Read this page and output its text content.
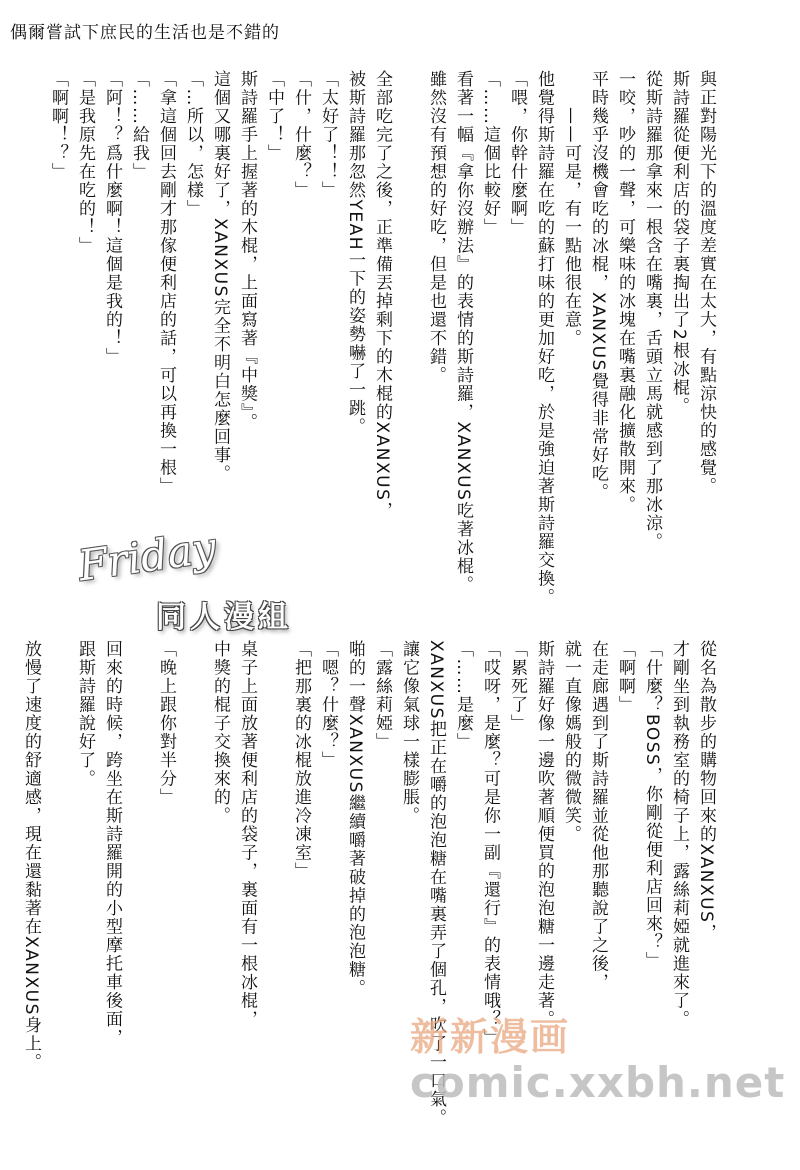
偶爾嘗試下庶民的生活也是不錯的
與正對陽光下的溫度差實在太大，有點涼快的感覺。
斯詩羅從便利店的袋子裏掏出了2根冰棍。
從斯詩羅那拿來一根含在嘴裏，舌頭立馬就感到了那冰涼。
一咬，吵的一聲，可樂味的冰塊在嘴裏融化擴散開來。
平時幾乎沒機會吃的冰棍，XANXUS覺得非常好吃。
　　——可是，有一點他很在意。
他覺得斯詩羅在吃的蘇打味的更加好吃，於是強迫著斯詩羅交換。
「喂，你幹什麼啊」
「……這個比較好」
看著一幅『拿你沒辦法』的表情的斯詩羅，XANXUS吃著冰棍。
雖然沒有預想的好吃，但是也還不錯。
全部吃完了之後，正準備丟掉剩下的木棍的XANXUS，
被斯詩羅那忽然YEAH一下的姿勢嚇了一跳。
「太好了！！」
「什，什麼？」
「中了！」
斯詩羅手上握著的木棍，上面寫著『中獎』。
這個又哪裏好了，XANXUS完全不明白怎麼回事。
「…所以，怎樣」
「拿這個回去剛才那傢便利店的話，可以再換一根」
「……給我」
「阿！？爲什麼啊！這個是我的！」
「是我原先在吃的！」
「啊啊！？」
從名為散步的購物回來的XANXUS，
才剛坐到執務室的椅子上，露絲莉婭就進來了。
「什麼？BOSS，你剛從便利店回來？」
「啊啊」
在走廊遇到了斯詩羅並從他那聽說了之後，
就一直像媽般的微微笑。
斯詩羅好像一邊吹著順便買的泡泡糖一邊走著。
「累死了」
「哎呀，是麼？可是你一副『還行』的表情哦？」
「……是麼」
XANXUS把正在嚼的泡泡糖在嘴裏弄了個孔，吹了一口氣。
讓它像氣球一樣膨脹。
「露絲莉婭」
啪的一聲XANXUS繼續嚼著破掉的泡泡糖。
「嗯？什麼？」
「把那裏的冰棍放進冷凍室」
桌子上面放著便利店的袋子，裏面有一根冰棍，
中獎的棍子交換來的。
「晚上跟你對半分」
回來的時候，跨坐在斯詩羅開的小型摩托車後面，
跟斯詩羅說好了。
放慢了速度的舒適感，現在還黏著在XANXUS身上。
Friday
同人漫組
新新漫画
comic.xxbh.net
